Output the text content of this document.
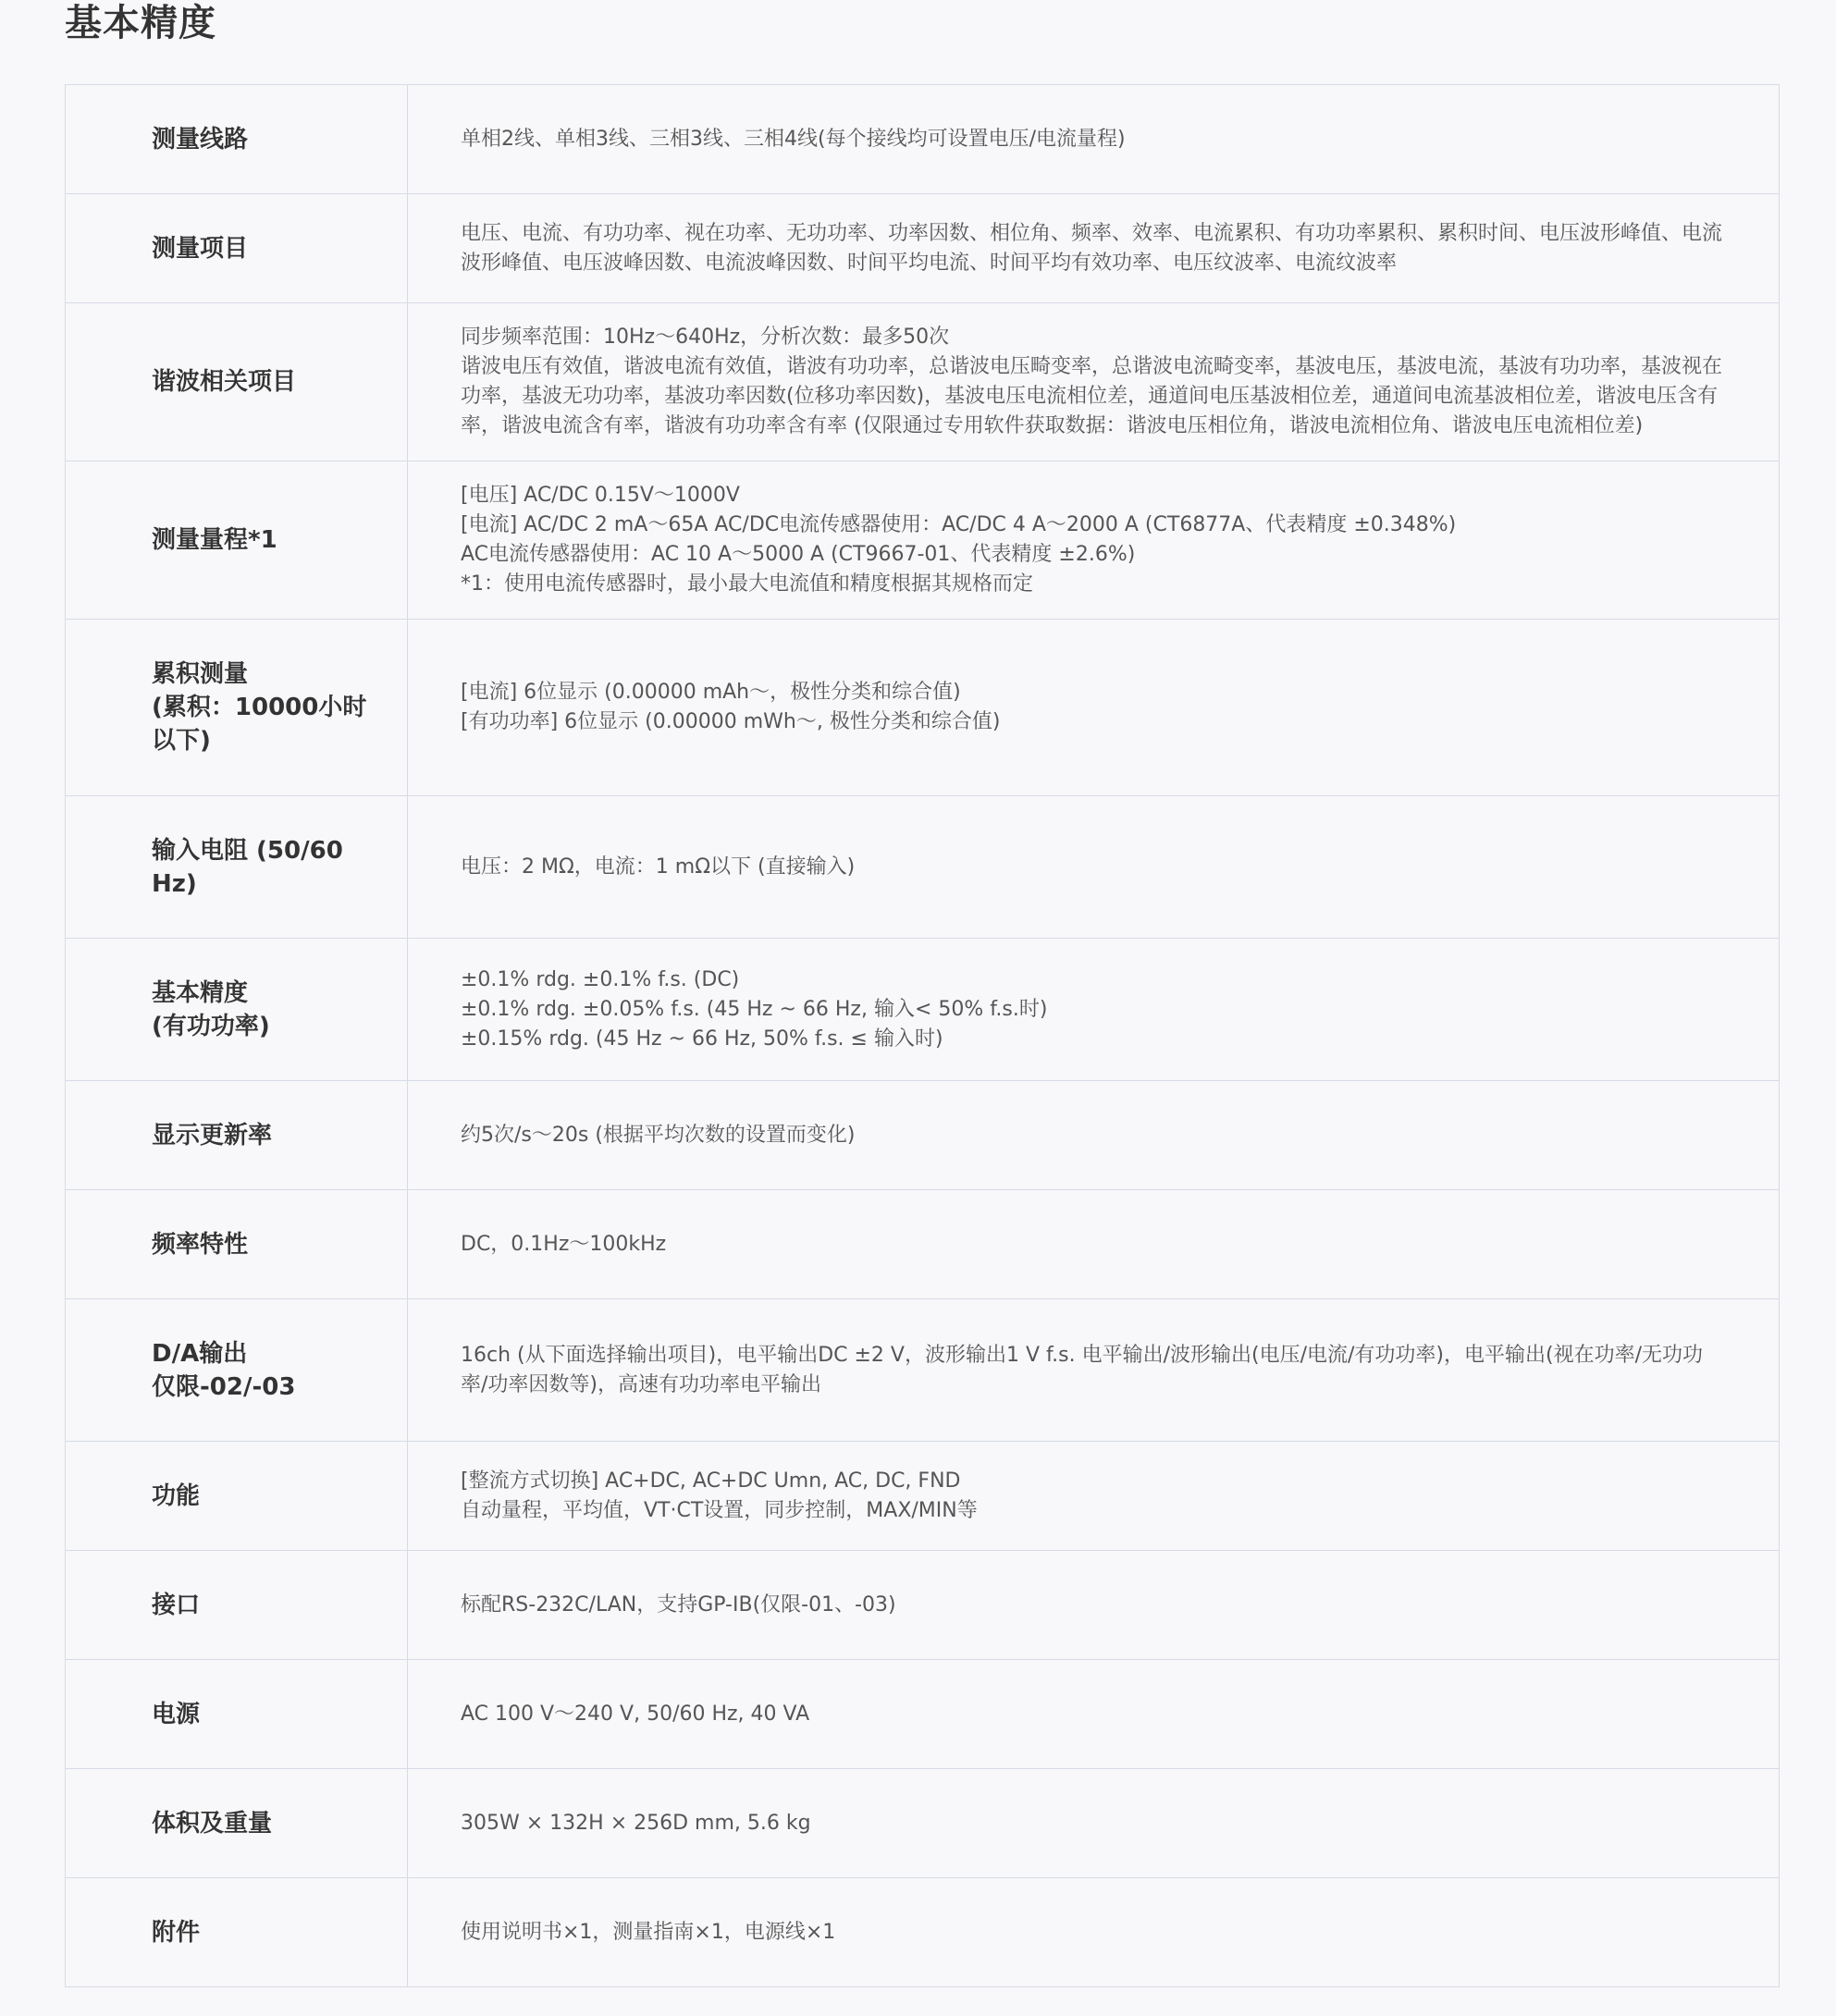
基本精度
测量线路	单相2线、单相3线、三相3线、三相4线(每个接线均可设置电压/电流量程)

测量项目	电压、电流、有功功率、视在功率、无功功率、功率因数、相位角、频率、效率、电流累积、有功功率累积、累积时间、电压波形峰值、电流波形峰值、电压波峰因数、电流波峰因数、时间平均电流、时间平均有效功率、电压纹波率、电流纹波率

谐波相关项目	同步频率范围：10Hz～640Hz，分析次数：最多50次
谐波电压有效值，谐波电流有效值，谐波有功功率，总谐波电压畸变率，总谐波电流畸变率，基波电压，基波电流，基波有功功率，基波视在功率，基波无功功率，基波功率因数(位移功率因数)，基波电压电流相位差，通道间电压基波相位差，通道间电流基波相位差，谐波电压含有率，谐波电流含有率，谐波有功功率含有率 (仅限通过专用软件获取数据：谐波电压相位角，谐波电流相位角、谐波电压电流相位差)

测量量程*1	[电压] AC/DC 0.15V～1000V
[电流] AC/DC 2 mA～65A AC/DC电流传感器使用：AC/DC 4 A～2000 A (CT6877A、代表精度 ±0.348%)
AC电流传感器使用：AC 10 A～5000 A (CT9667-01、代表精度 ±2.6%)
*1：使用电流传感器时，最小最大电流值和精度根据其规格而定

累积测量
(累积：10000小时以下)	[电流] 6位显示 (0.00000 mAh～，极性分类和综合值)
[有功功率] 6位显示 (0.00000 mWh～, 极性分类和综合值)

输入电阻 (50/60 Hz)	电压：2 MΩ，电流：1 mΩ以下 (直接输入)

基本精度
(有功功率)	±0.1% rdg. ±0.1% f.s. (DC)
±0.1% rdg. ±0.05% f.s. (45 Hz ~ 66 Hz, 输入< 50% f.s.时)
±0.15% rdg. (45 Hz ~ 66 Hz, 50% f.s. ≤ 输入时)

显示更新率	约5次/s～20s (根据平均次数的设置而变化)

频率特性	DC，0.1Hz～100kHz

D/A输出
仅限-02/-03	16ch (从下面选择输出项目)，电平输出DC ±2 V，波形输出1 V f.s. 电平输出/波形输出(电压/电流/有功功率)，电平输出(视在功率/无功功率/功率因数等)，高速有功功率电平输出

功能	[整流方式切换] AC+DC, AC+DC Umn, AC, DC, FND
自动量程，平均值，VT·CT设置，同步控制，MAX/MIN等

接口	标配RS-232C/LAN，支持GP-IB(仅限-01、-03)

电源	AC 100 V～240 V, 50/60 Hz, 40 VA

体积及重量	305W × 132H × 256D mm, 5.6 kg

附件	使用说明书×1，测量指南×1，电源线×1
